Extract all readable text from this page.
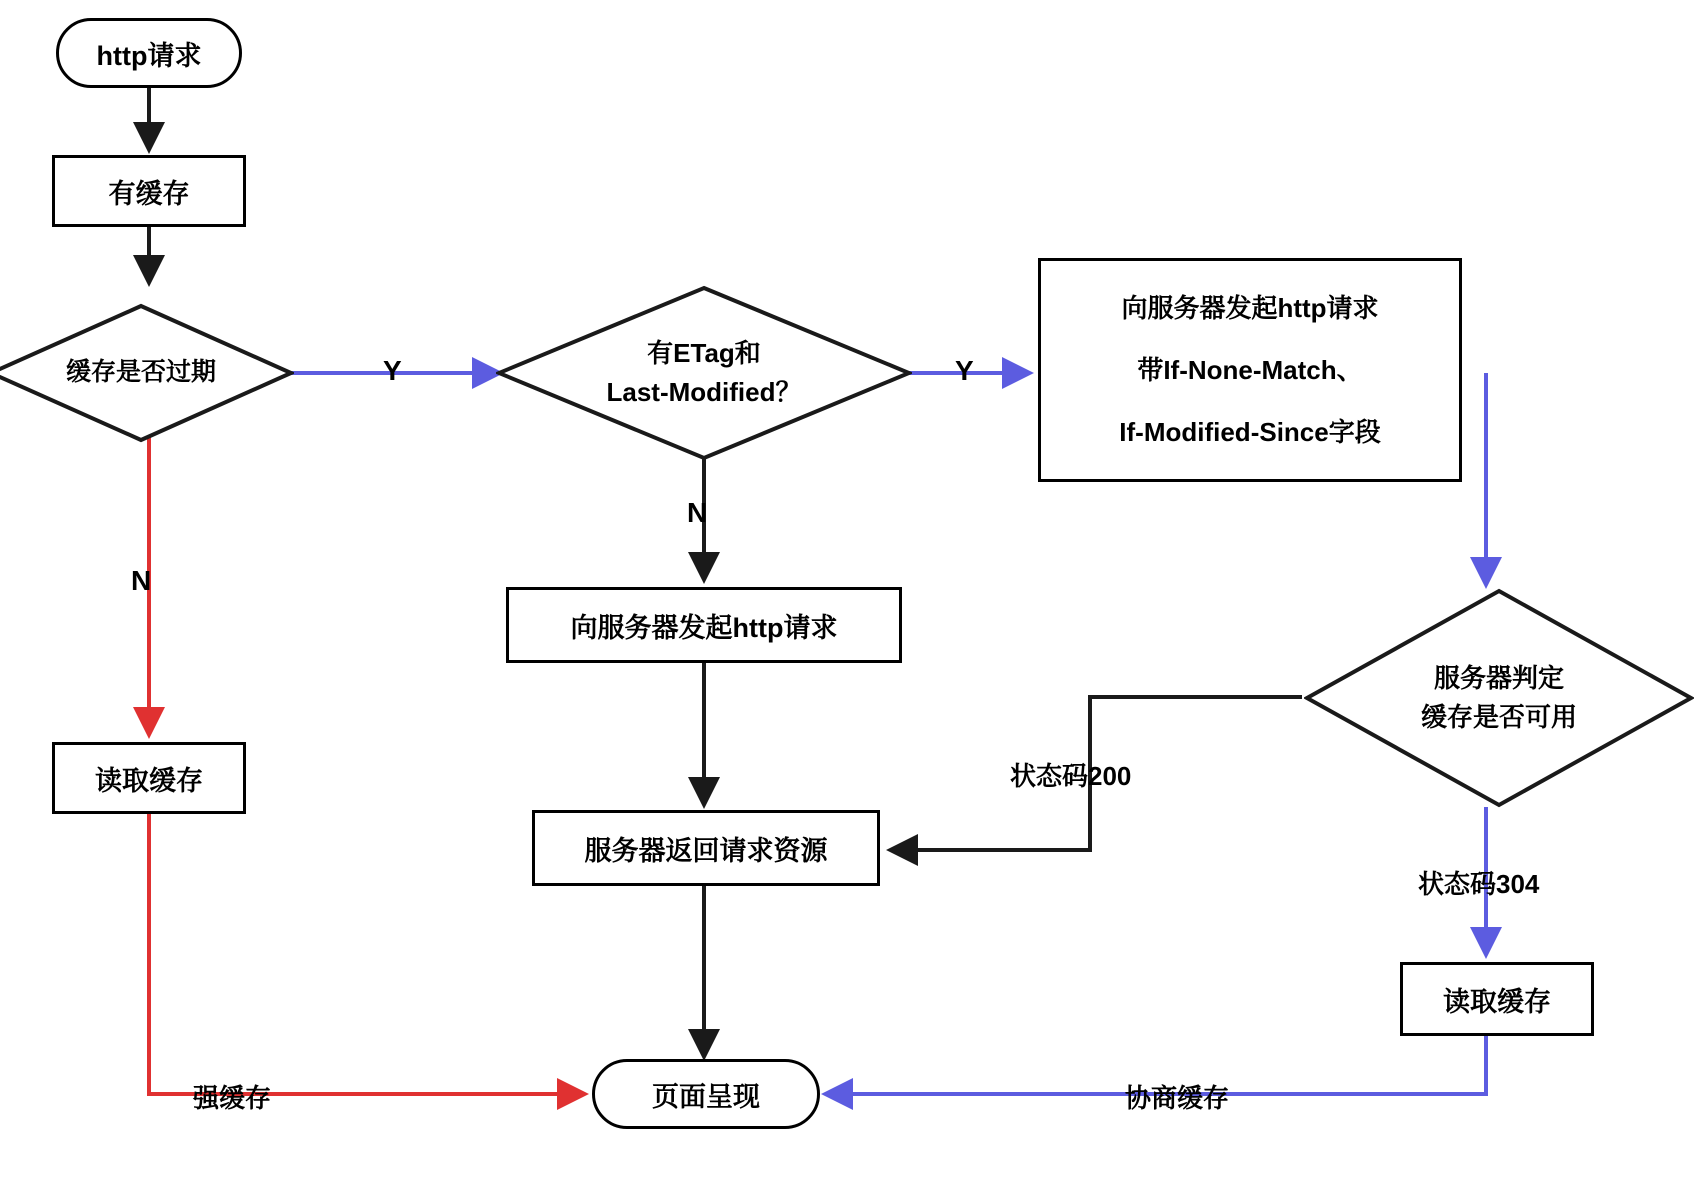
http请求
有缓存
缓存是否过期
读取缓存
有ETag和
Last-Modified？
向服务器发起http请求
带If-None-Match、
If-Modified-Since字段
向服务器发起http请求
服务器返回请求资源
服务器判定
缓存是否可用
读取缓存
页面呈现
Y	Y
N
N
状态码200
状态码304
强缓存	协商缓存
